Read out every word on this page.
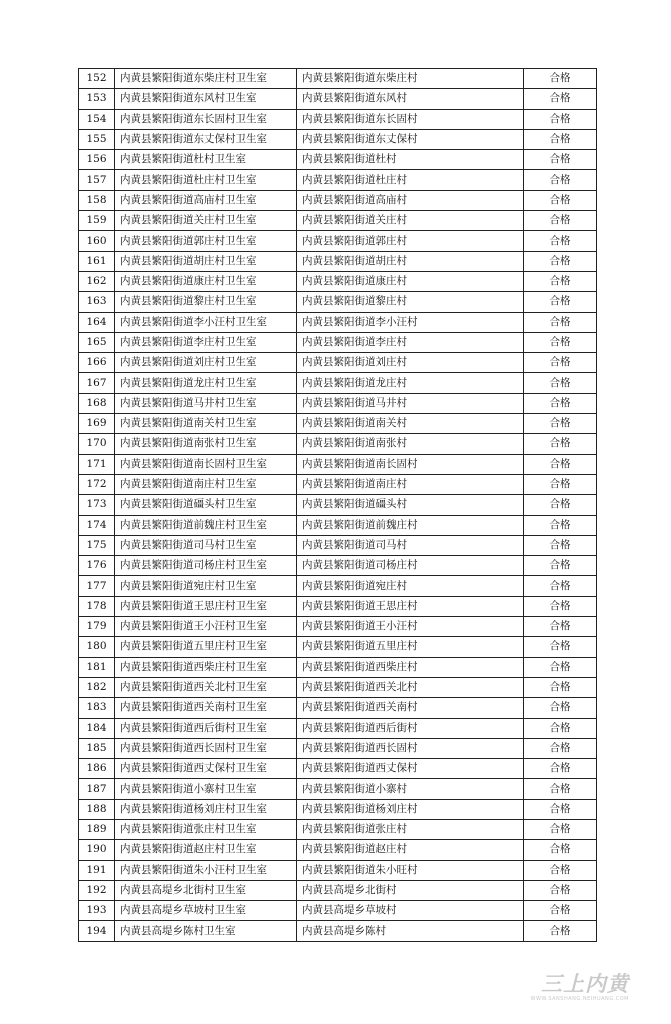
152	内黄县繁阳街道东柴庄村卫生室	内黄县繁阳街道东柴庄村	合格
153	内黄县繁阳街道东风村卫生室	内黄县繁阳街道东风村	合格
154	内黄县繁阳街道东长固村卫生室	内黄县繁阳街道东长固村	合格
155	内黄县繁阳街道东丈保村卫生室	内黄县繁阳街道东丈保村	合格
156	内黄县繁阳街道杜村卫生室	内黄县繁阳街道杜村	合格
157	内黄县繁阳街道杜庄村卫生室	内黄县繁阳街道杜庄村	合格
158	内黄县繁阳街道高庙村卫生室	内黄县繁阳街道高庙村	合格
159	内黄县繁阳街道关庄村卫生室	内黄县繁阳街道关庄村	合格
160	内黄县繁阳街道郭庄村卫生室	内黄县繁阳街道郭庄村	合格
161	内黄县繁阳街道胡庄村卫生室	内黄县繁阳街道胡庄村	合格
162	内黄县繁阳街道康庄村卫生室	内黄县繁阳街道康庄村	合格
163	内黄县繁阳街道黎庄村卫生室	内黄县繁阳街道黎庄村	合格
164	内黄县繁阳街道李小汪村卫生室	内黄县繁阳街道李小汪村	合格
165	内黄县繁阳街道李庄村卫生室	内黄县繁阳街道李庄村	合格
166	内黄县繁阳街道刘庄村卫生室	内黄县繁阳街道刘庄村	合格
167	内黄县繁阳街道龙庄村卫生室	内黄县繁阳街道龙庄村	合格
168	内黄县繁阳街道马井村卫生室	内黄县繁阳街道马井村	合格
169	内黄县繁阳街道南关村卫生室	内黄县繁阳街道南关村	合格
170	内黄县繁阳街道南张村卫生室	内黄县繁阳街道南张村	合格
171	内黄县繁阳街道南长固村卫生室	内黄县繁阳街道南长固村	合格
172	内黄县繁阳街道南庄村卫生室	内黄县繁阳街道南庄村	合格
173	内黄县繁阳街道礓头村卫生室	内黄县繁阳街道礓头村	合格
174	内黄县繁阳街道前魏庄村卫生室	内黄县繁阳街道前魏庄村	合格
175	内黄县繁阳街道司马村卫生室	内黄县繁阳街道司马村	合格
176	内黄县繁阳街道司杨庄村卫生室	内黄县繁阳街道司杨庄村	合格
177	内黄县繁阳街道宛庄村卫生室	内黄县繁阳街道宛庄村	合格
178	内黄县繁阳街道王思庄村卫生室	内黄县繁阳街道王思庄村	合格
179	内黄县繁阳街道王小汪村卫生室	内黄县繁阳街道王小汪村	合格
180	内黄县繁阳街道五里庄村卫生室	内黄县繁阳街道五里庄村	合格
181	内黄县繁阳街道西柴庄村卫生室	内黄县繁阳街道西柴庄村	合格
182	内黄县繁阳街道西关北村卫生室	内黄县繁阳街道西关北村	合格
183	内黄县繁阳街道西关南村卫生室	内黄县繁阳街道西关南村	合格
184	内黄县繁阳街道西后街村卫生室	内黄县繁阳街道西后街村	合格
185	内黄县繁阳街道西长固村卫生室	内黄县繁阳街道西长固村	合格
186	内黄县繁阳街道西丈保村卫生室	内黄县繁阳街道西丈保村	合格
187	内黄县繁阳街道小寨村卫生室	内黄县繁阳街道小寨村	合格
188	内黄县繁阳街道杨刘庄村卫生室	内黄县繁阳街道杨刘庄村	合格
189	内黄县繁阳街道张庄村卫生室	内黄县繁阳街道张庄村	合格
190	内黄县繁阳街道赵庄村卫生室	内黄县繁阳街道赵庄村	合格
191	内黄县繁阳街道朱小汪村卫生室	内黄县繁阳街道朱小旺村	合格
192	内黄县高堤乡北街村卫生室	内黄县高堤乡北街村	合格
193	内黄县高堤乡草坡村卫生室	内黄县高堤乡草坡村	合格
194	内黄县高堤乡陈村卫生室	内黄县高堤乡陈村	合格
三上内黄
WWW.SANSHANG.NEIHUANG.COM
